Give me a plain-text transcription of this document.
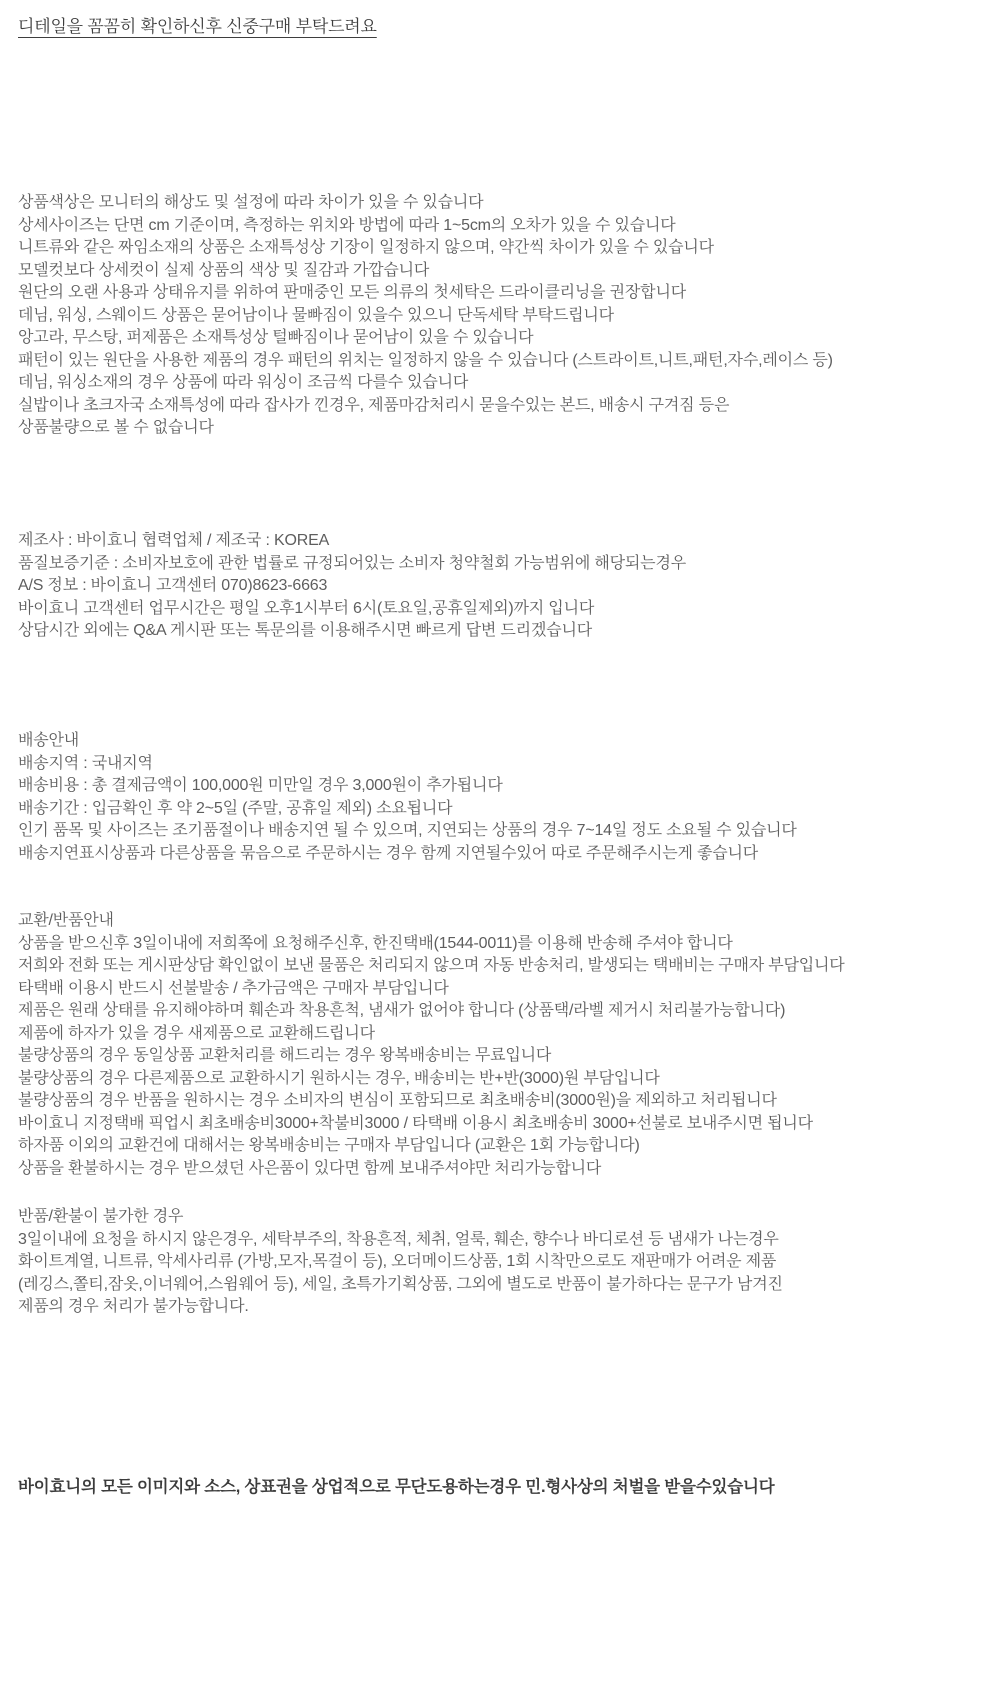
디테일을 꼼꼼히 확인하신후 신중구매 부탁드려요
상품색상은 모니터의 해상도 및 설정에 따라 차이가 있을 수 있습니다
상세사이즈는 단면 cm 기준이며, 측정하는 위치와 방법에 따라 1~5cm의 오차가 있을 수 있습니다
니트류와 같은 짜임소재의 상품은 소재특성상 기장이 일정하지 않으며, 약간씩 차이가 있을 수 있습니다
모델컷보다 상세컷이 실제 상품의 색상 및 질감과 가깝습니다
원단의 오랜 사용과 상태유지를 위하여 판매중인 모든 의류의 첫세탁은 드라이클리닝을 권장합니다
데님, 워싱, 스웨이드 상품은 묻어남이나 물빠짐이 있을수 있으니 단독세탁 부탁드립니다
앙고라, 무스탕, 퍼제품은 소재특성상 털빠짐이나 묻어남이 있을 수 있습니다
패턴이 있는 원단을 사용한 제품의 경우 패턴의 위치는 일정하지 않을 수 있습니다 (스트라이트,니트,패턴,자수,레이스 등)
데님, 워싱소재의 경우 상품에 따라 워싱이 조금씩 다를수 있습니다
실밥이나 초크자국 소재특성에 따라 잡사가 낀경우, 제품마감처리시 묻을수있는 본드, 배송시 구겨짐 등은
상품불량으로 볼 수 없습니다
제조사 : 바이효니 협력업체 / 제조국 : KOREA
품질보증기준 : 소비자보호에 관한 법률로 규정되어있는 소비자 청약철회 가능범위에 해당되는경우
A/S 정보 : 바이효니 고객센터 070)8623-6663
바이효니 고객센터 업무시간은 평일 오후1시부터 6시(토요일,공휴일제외)까지 입니다
상담시간 외에는 Q&A 게시판 또는 톡문의를 이용해주시면 빠르게 답변 드리겠습니다
배송안내
배송지역 : 국내지역
배송비용 : 총 결제금액이 100,000원 미만일 경우 3,000원이 추가됩니다
배송기간 : 입금확인 후 약 2~5일 (주말, 공휴일 제외) 소요됩니다
인기 품목 및 사이즈는 조기품절이나 배송지연 될 수 있으며, 지연되는 상품의 경우 7~14일 정도 소요될 수 있습니다
배송지연표시상품과 다른상품을 묶음으로 주문하시는 경우 함께 지연될수있어 따로 주문해주시는게 좋습니다
교환/반품안내
상품을 받으신후 3일이내에 저희쪽에 요청해주신후, 한진택배(1544-0011)를 이용해 반송해 주셔야 합니다
저희와 전화 또는 게시판상담 확인없이 보낸 물품은 처리되지 않으며 자동 반송처리, 발생되는 택배비는 구매자 부담입니다
타택배 이용시 반드시 선불발송 / 추가금액은 구매자 부담입니다
제품은 원래 상태를 유지해야하며 훼손과 착용흔척, 냄새가 없어야 합니다 (상품택/라벨 제거시 처리불가능합니다)
제품에 하자가 있을 경우 새제품으로 교환해드립니다
불량상품의 경우 동일상품 교환처리를 해드리는 경우 왕복배송비는 무료입니다
불량상품의 경우 다른제품으로 교환하시기 원하시는 경우, 배송비는 반+반(3000)원 부담입니다
불량상품의 경우 반품을 원하시는 경우 소비자의 변심이 포함되므로 최초배송비(3000원)을 제외하고 처리됩니다
바이효니 지정택배 픽업시 최초배송비3000+착불비3000 / 타택배 이용시 최초배송비 3000+선불로 보내주시면 됩니다
하자품 이외의 교환건에 대해서는 왕복배송비는 구매자 부담입니다 (교환은 1회 가능합니다)
상품을 환불하시는 경우 받으셨던 사은품이 있다면 함께 보내주셔야만 처리가능합니다
반품/환불이 불가한 경우
3일이내에 요청을 하시지 않은경우, 세탁부주의, 착용흔적, 체취, 얼룩, 훼손, 향수나 바디로션 등 냄새가 나는경우
화이트계열, 니트류, 악세사리류 (가방,모자,목걸이 등), 오더메이드상품, 1회 시착만으로도 재판매가 어려운 제품
(레깅스,쫄티,잠옷,이너웨어,스윔웨어 등), 세일, 초특가기획상품, 그외에 별도로 반품이 불가하다는 문구가 남겨진
제품의 경우 처리가 불가능합니다.
바이효니의 모든 이미지와 소스, 상표권을 상업적으로 무단도용하는경우 민.형사상의 처벌을 받을수있습니다
